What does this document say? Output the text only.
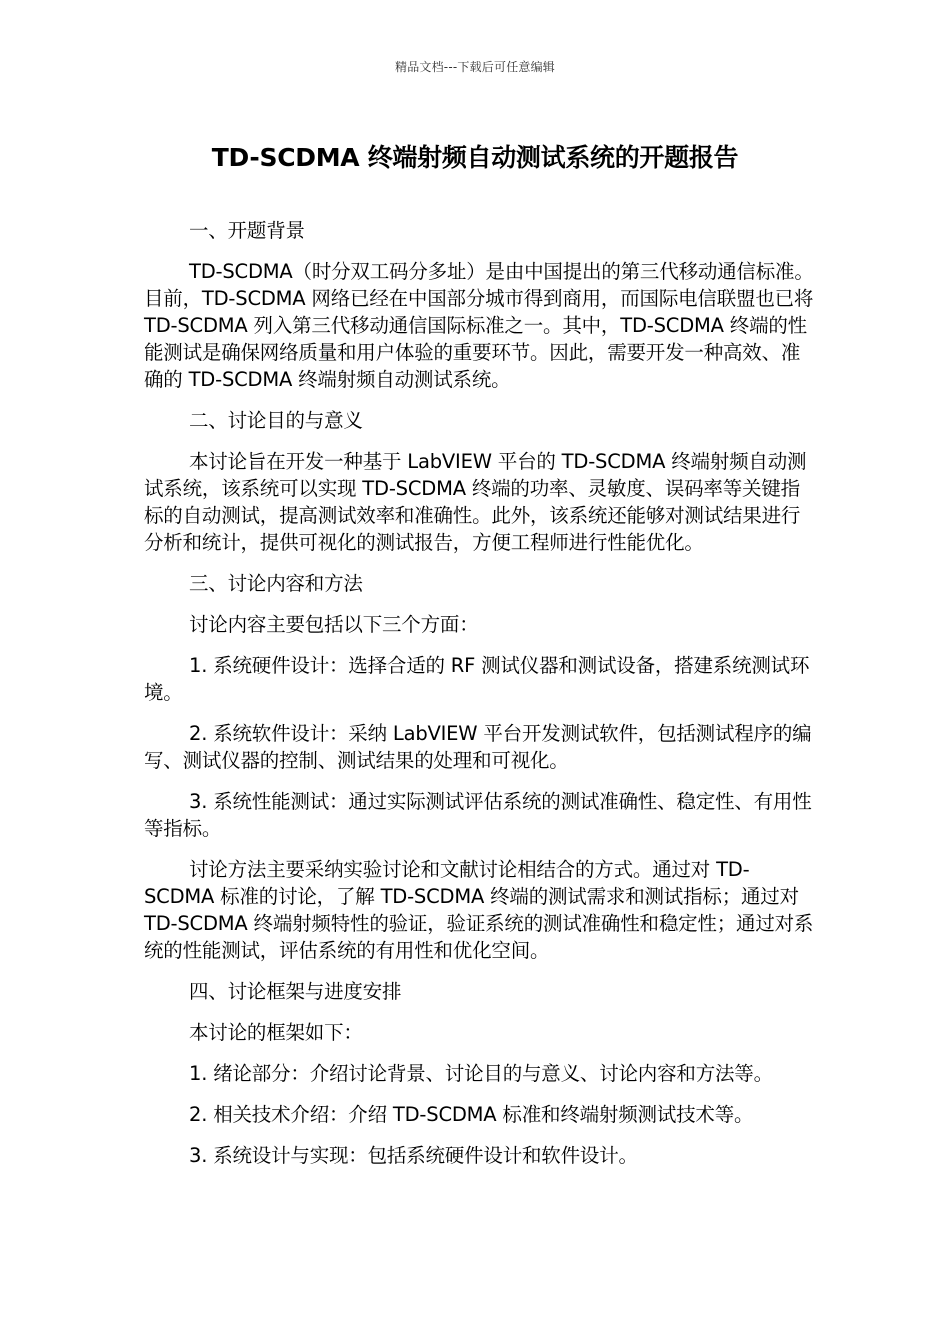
精品文档---下载后可任意编辑
TD-SCDMA 终端射频自动测试系统的开题报告

一、开题背景

TD-SCDMA（时分双工码分多址）是由中国提出的第三代移动通信标准。目前，TD-SCDMA 网络已经在中国部分城市得到商用，而国际电信联盟也已将 TD-SCDMA 列入第三代移动通信国际标准之一。其中，TD-SCDMA 终端的性能测试是确保网络质量和用户体验的重要环节。因此，需要开发一种高效、准确的 TD-SCDMA 终端射频自动测试系统。

二、讨论目的与意义

本讨论旨在开发一种基于 LabVIEW 平台的 TD-SCDMA 终端射频自动测试系统，该系统可以实现 TD-SCDMA 终端的功率、灵敏度、误码率等关键指标的自动测试，提高测试效率和准确性。此外，该系统还能够对测试结果进行分析和统计，提供可视化的测试报告，方便工程师进行性能优化。

三、讨论内容和方法

讨论内容主要包括以下三个方面：

1. 系统硬件设计：选择合适的 RF 测试仪器和测试设备，搭建系统测试环境。

2. 系统软件设计：采纳 LabVIEW 平台开发测试软件，包括测试程序的编写、测试仪器的控制、测试结果的处理和可视化。

3. 系统性能测试：通过实际测试评估系统的测试准确性、稳定性、有用性等指标。

讨论方法主要采纳实验讨论和文献讨论相结合的方式。通过对 TD-SCDMA 标准的讨论，了解 TD-SCDMA 终端的测试需求和测试指标；通过对 TD-SCDMA 终端射频特性的验证，验证系统的测试准确性和稳定性；通过对系统的性能测试，评估系统的有用性和优化空间。

四、讨论框架与进度安排

本讨论的框架如下：

1. 绪论部分：介绍讨论背景、讨论目的与意义、讨论内容和方法等。

2. 相关技术介绍：介绍 TD-SCDMA 标准和终端射频测试技术等。

3. 系统设计与实现：包括系统硬件设计和软件设计。
